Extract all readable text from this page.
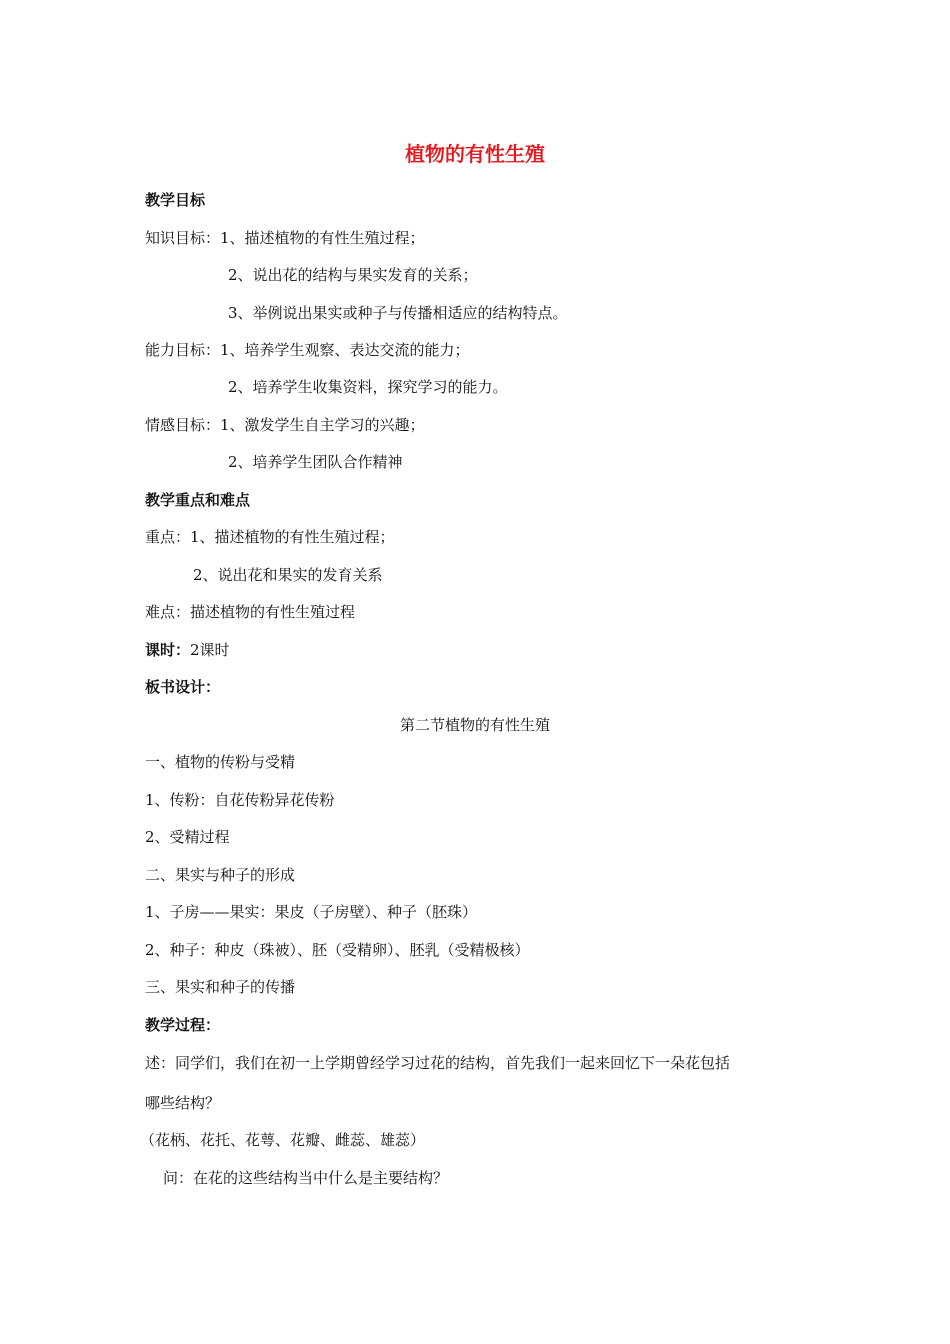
植物的有性生殖
教学目标
知识目标：1、描述植物的有性生殖过程；
2、说出花的结构与果实发育的关系；
3、举例说出果实或种子与传播相适应的结构特点。
能力目标：1、培养学生观察、表达交流的能力；
2、培养学生收集资料，探究学习的能力。
情感目标：1、激发学生自主学习的兴趣；
2、培养学生团队合作精神
教学重点和难点
重点：1、描述植物的有性生殖过程；
2、说出花和果实的发育关系
难点：描述植物的有性生殖过程
课时：2课时
板书设计：
第二节植物的有性生殖
一、植物的传粉与受精
1、传粉：自花传粉异花传粉
2、受精过程
二、果实与种子的形成
1、子房——果实：果皮（子房壁）、种子（胚珠）
2、种子：种皮（珠被）、胚（受精卵）、胚乳（受精极核）
三、果实和种子的传播
教学过程：
述：同学们，我们在初一上学期曾经学习过花的结构，首先我们一起来回忆下一朵花包括
哪些结构？
（花柄、花托、花萼、花瓣、雌蕊、雄蕊）
问：在花的这些结构当中什么是主要结构？
